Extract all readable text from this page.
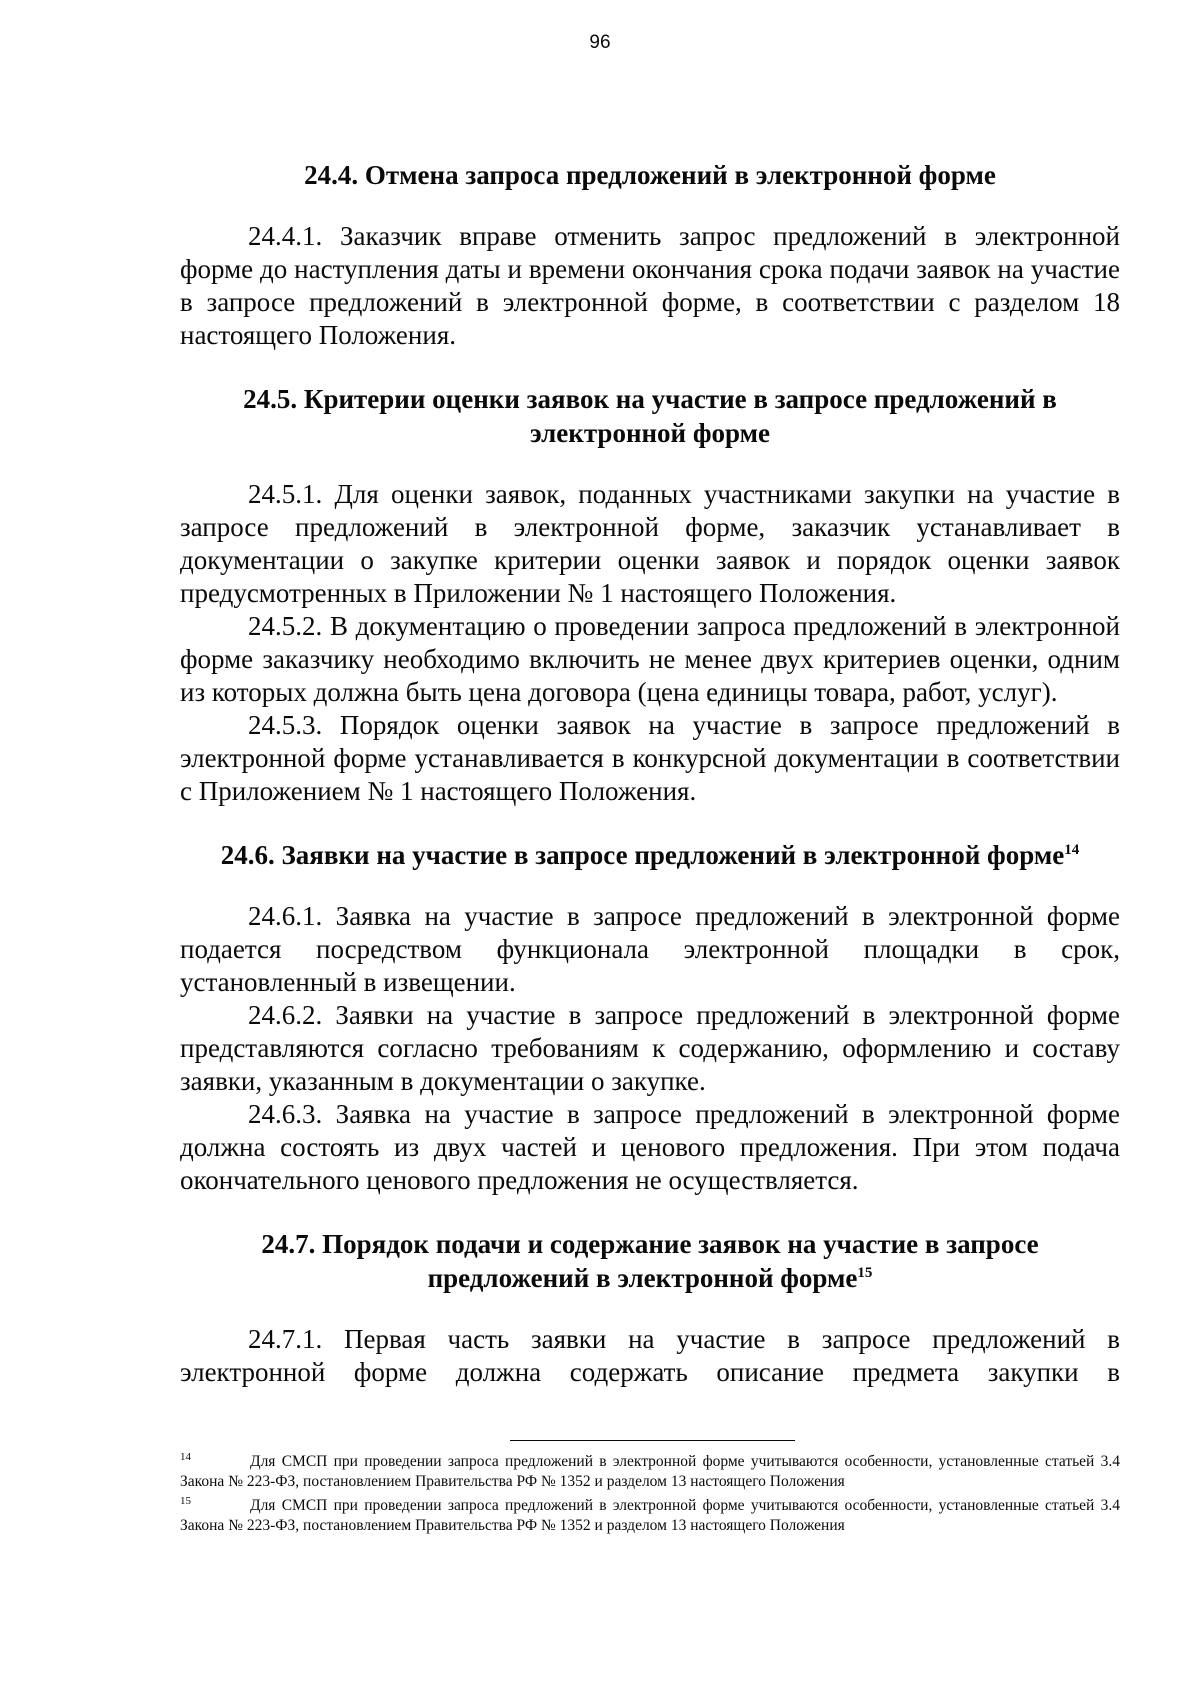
96

24.4. Отмена запроса предложений в электронной форме

24.4.1. Заказчик вправе отменить запрос предложений в электронной форме до наступления даты и времени окончания срока подачи заявок на участие в запросе предложений в электронной форме, в соответствии с разделом 18 настоящего Положения.

24.5. Критерии оценки заявок на участие в запросе предложений в электронной форме

24.5.1. Для оценки заявок, поданных участниками закупки на участие в запросе предложений в электронной форме, заказчик устанавливает в документации о закупке критерии оценки заявок и порядок оценки заявок предусмотренных в Приложении № 1 настоящего Положения.

24.5.2. В документацию о проведении запроса предложений в электронной форме заказчику необходимо включить не менее двух критериев оценки, одним из которых должна быть цена договора (цена единицы товара, работ, услуг).

24.5.3. Порядок оценки заявок на участие в запросе предложений в электронной форме устанавливается в конкурсной документации в соответствии с Приложением № 1 настоящего Положения.

24.6. Заявки на участие в запросе предложений в электронной форме$^{14}$

24.6.1. Заявка на участие в запросе предложений в электронной форме подается посредством функционала электронной площадки в срок, установленный в извещении.

24.6.2. Заявки на участие в запросе предложений в электронной форме представляются согласно требованиям к содержанию, оформлению и составу заявки, указанным в документации о закупке.

24.6.3. Заявка на участие в запросе предложений в электронной форме должна состоять из двух частей и ценового предложения. При этом подача окончательного ценового предложения не осуществляется.

24.7. Порядок подачи и содержание заявок на участие в запросе
предложений в электронной форме$^{15}$

24.7.1. Первая часть заявки на участие в запросе предложений в электронной форме должна содержать описание предмета закупки в

14	Для СМСП при проведении запроса предложений в электронной форме учитываются особенности, установленные статьей 3.4 Закона № 223-ФЗ, постановлением Правительства РФ № 1352 и разделом 13 настоящего Положения

15	Для СМСП при проведении запроса предложений в электронной форме учитываются особенности, установленные статьей 3.4 Закона № 223-ФЗ, постановлением Правительства РФ № 1352 и разделом 13 настоящего Положения
